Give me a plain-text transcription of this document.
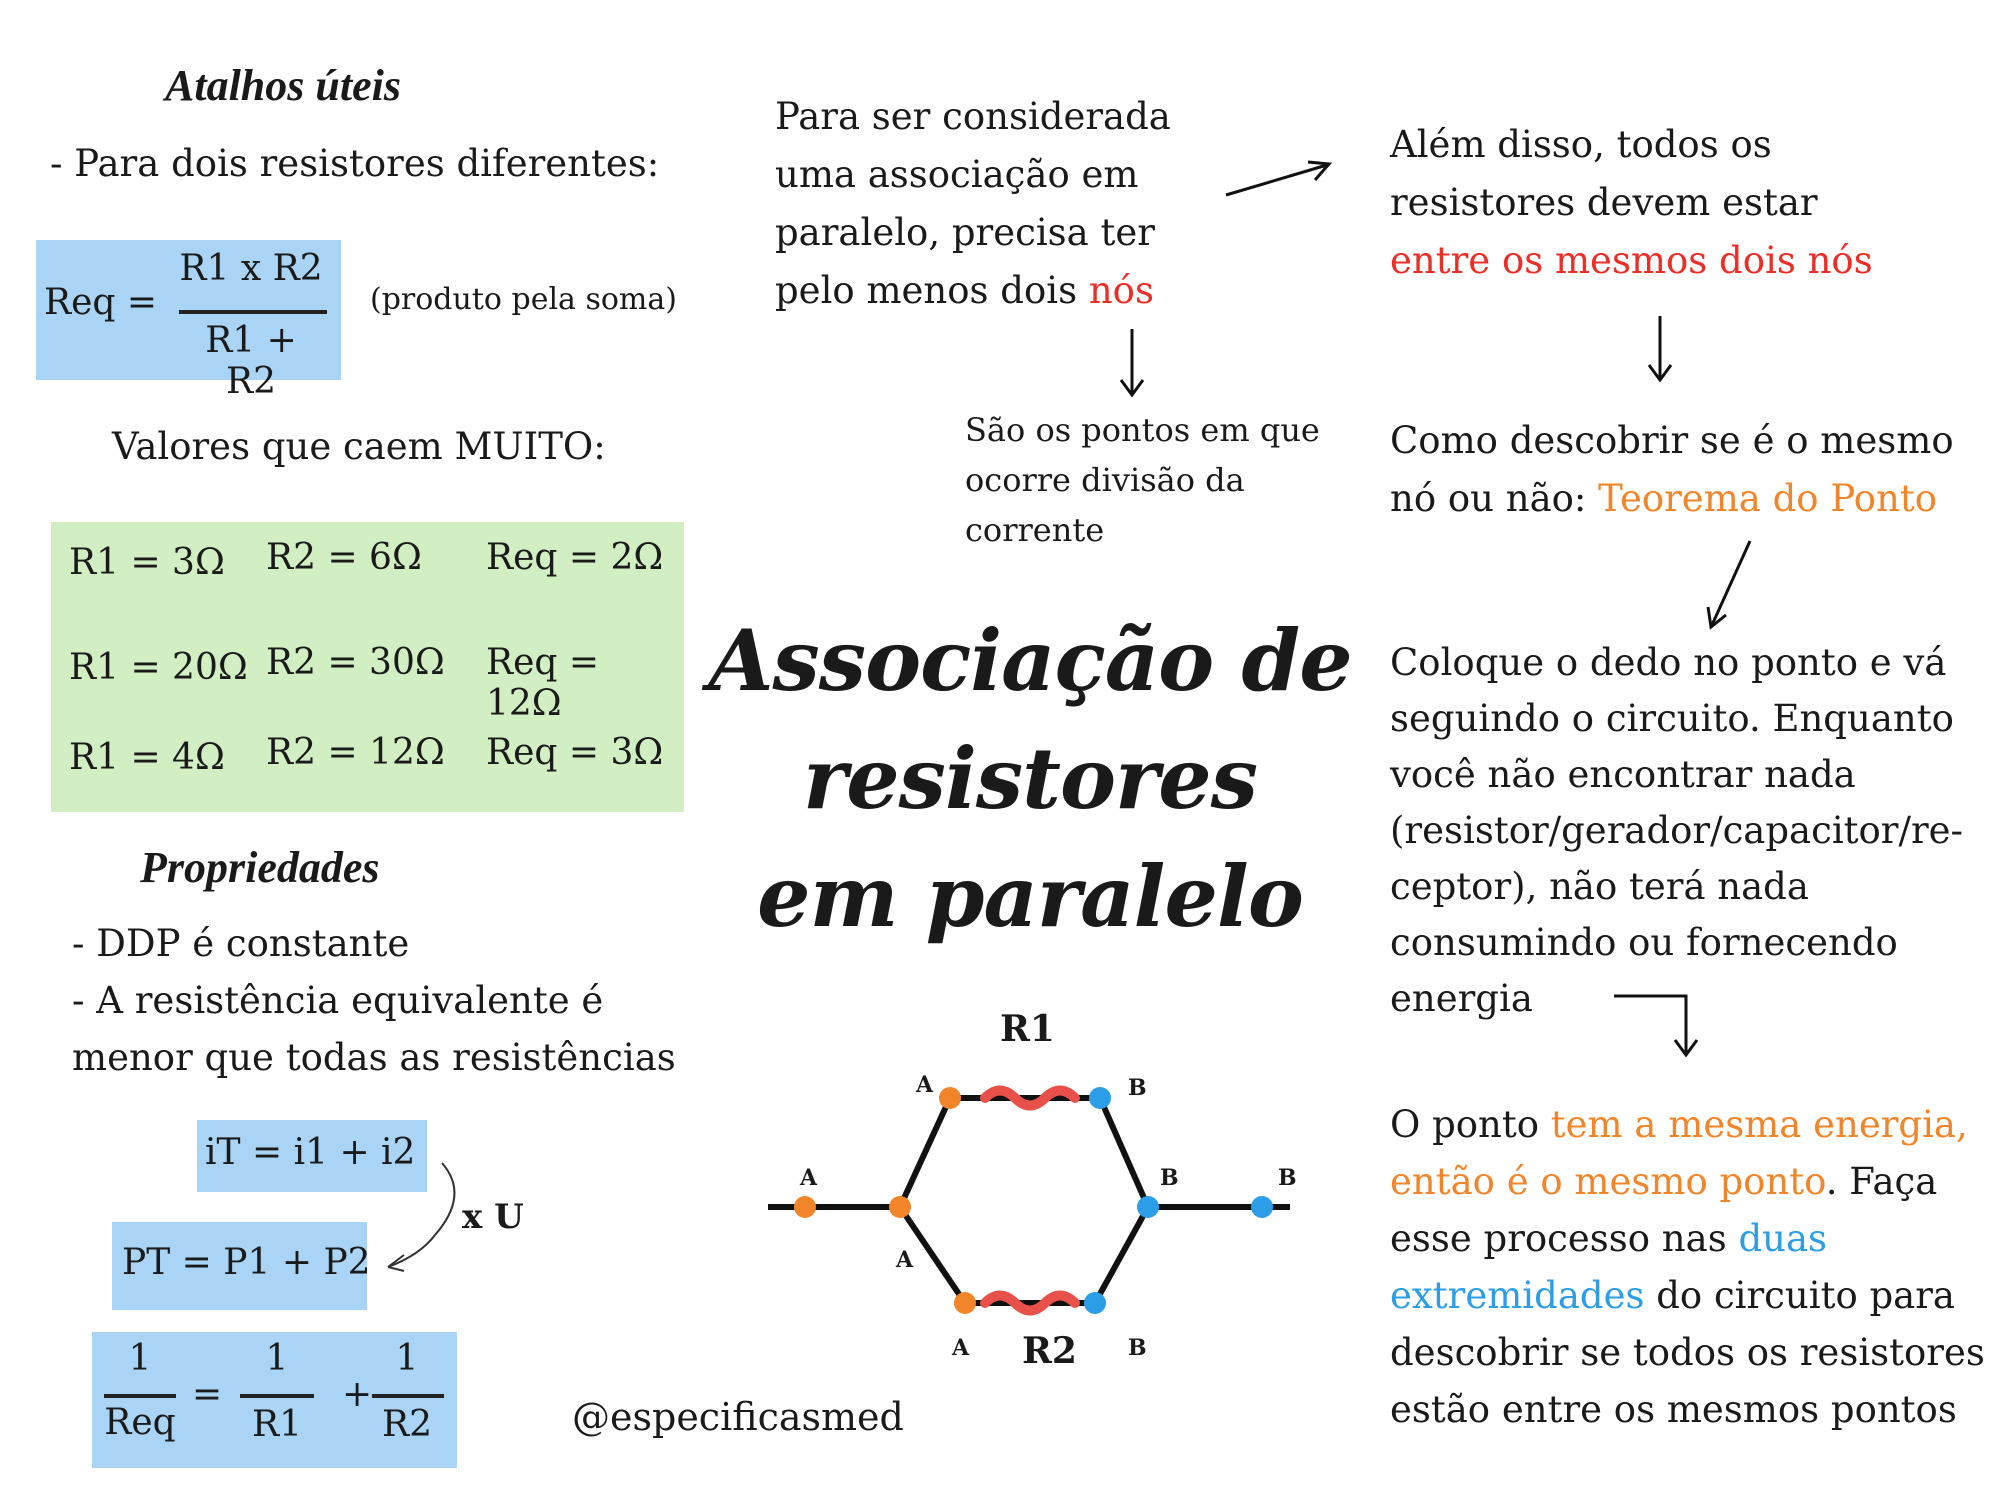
Atalhos úteis
- Para dois resistores diferentes:
Req =
R1 x R2
R1 + R2
(produto pela soma)
Valores que caem MUITO:
R1 = 3Ω R2 = 6Ω Req = 2Ω
R1 = 20Ω R2 = 30Ω Req = 12Ω
R1 = 4Ω R2 = 12Ω Req = 3Ω
Propriedades
- DDP é constante
- A resistência equivalente é
menor que todas as resistências
iT = i1 + i2
x U
PT = P1 + P2
1
Req
=
1
R1
+
1
R2
Para ser considerada
uma associação em
paralelo, precisa ter
pelo menos dois nós
São os pontos em que
ocorre divisão da
corrente
Associação de
resistores
em paralelo
R1
R2
A	B
A
A
B	B
A	B
@especificasmed
Além disso, todos os
resistores devem estar
entre os mesmos dois nós
Como descobrir se é o mesmo
nó ou não: Teorema do Ponto
Coloque o dedo no ponto e vá
seguindo o circuito. Enquanto
você não encontrar nada
(resistor/gerador/capacitor/re-
ceptor), não terá nada
consumindo ou fornecendo
energia
O ponto tem a mesma energia,
então é o mesmo ponto. Faça
esse processo nas duas
extremidades do circuito para
descobrir se todos os resistores
estão entre os mesmos pontos
